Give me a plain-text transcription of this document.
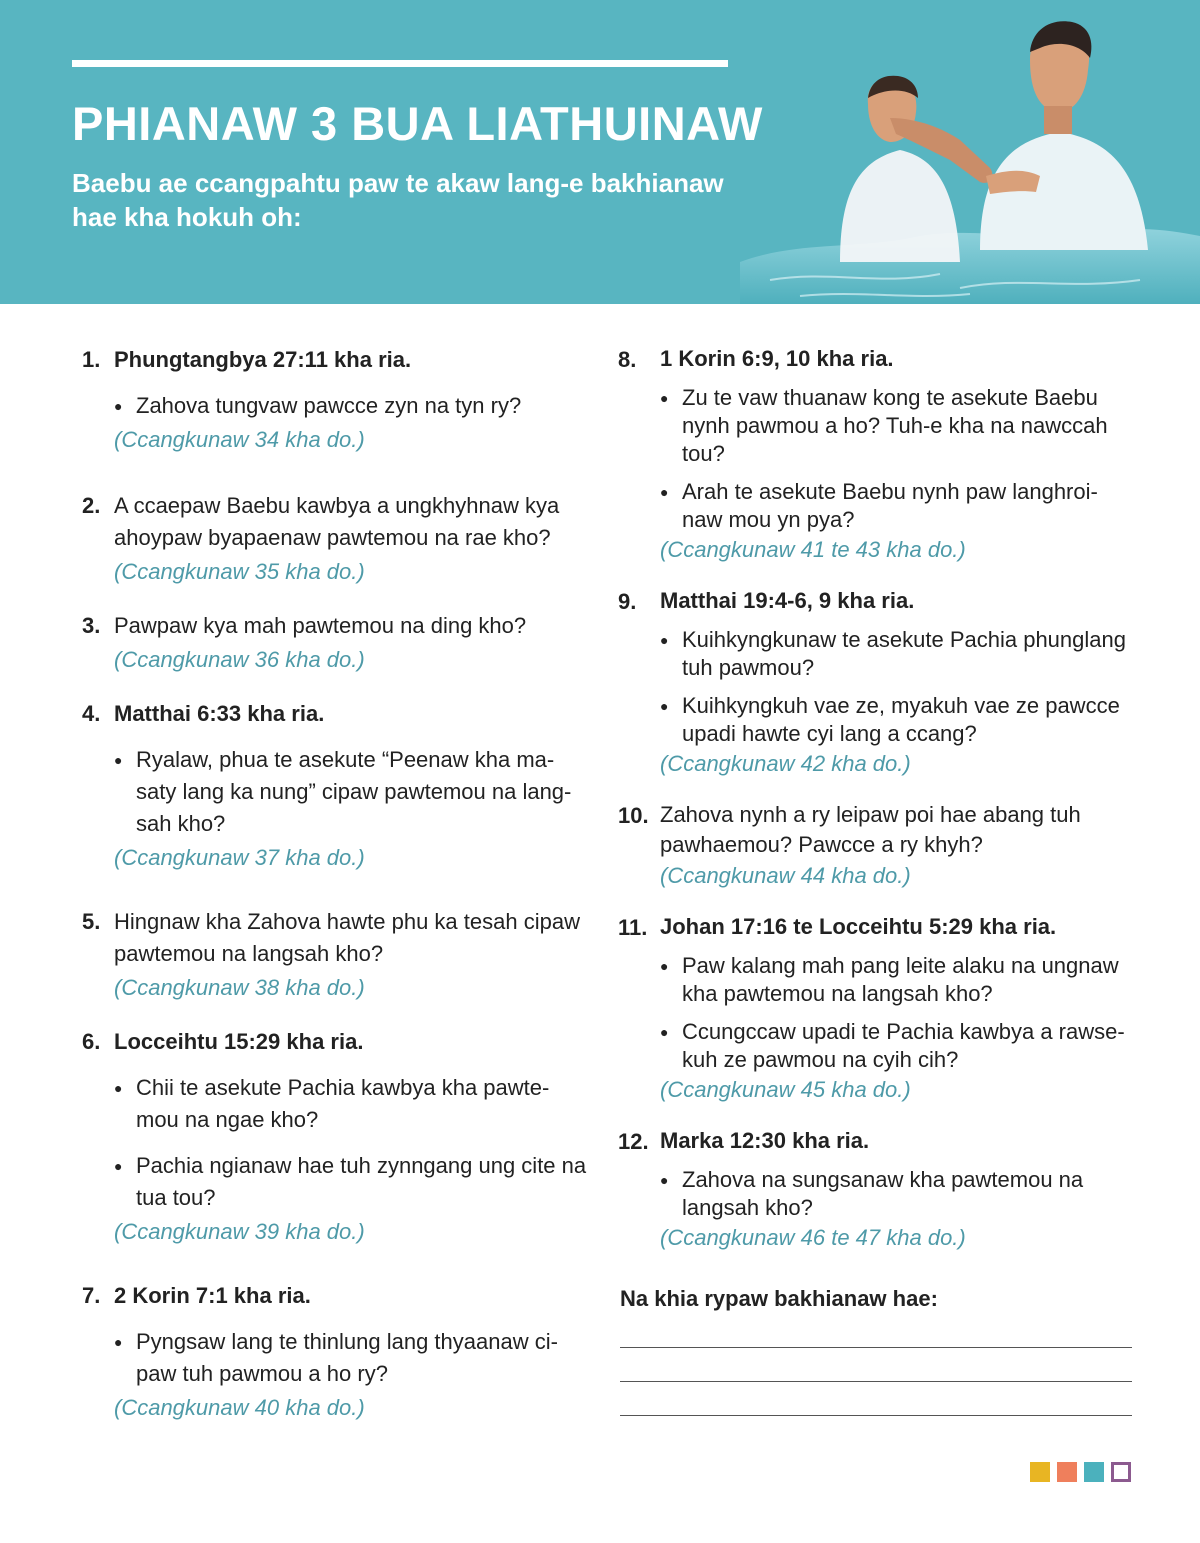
PHIANAW 3 BUA LIATHUINAW

Baebu ae ccangpahtu paw te akaw lang-e bakhianaw hae kha hokuh oh:

1. Phungtangbya 27:11 kha ria.
● Zahova tungvaw pawcce zyn na tyn ry?
(Ccangkunaw 34 kha do.)
2. A ccaepaw Baebu kawbya a ungkhyhnaw kya ahoypaw byapaenaw pawtemou na rae kho?
(Ccangkunaw 35 kha do.)
3. Pawpaw kya mah pawtemou na ding kho?
(Ccangkunaw 36 kha do.)
4. Matthai 6:33 kha ria.
● Ryalaw, phua te asekute “Peenaw kha ma-saty lang ka nung” cipaw pawtemou na lang-sah kho?
(Ccangkunaw 37 kha do.)
5. Hingnaw kha Zahova hawte phu ka tesah cipaw pawtemou na langsah kho?
(Ccangkunaw 38 kha do.)
6. Locceihtu 15:29 kha ria.
● Chii te asekute Pachia kawbya kha pawte-mou na ngae kho?
● Pachia ngianaw hae tuh zynngang ung cite na tua tou?
(Ccangkunaw 39 kha do.)
7. 2 Korin 7:1 kha ria.
● Pyngsaw lang te thinlung lang thyaanaw ci-paw tuh pawmou a ho ry?
(Ccangkunaw 40 kha do.)
8. 1 Korin 6:9, 10 kha ria.
● Zu te vaw thuanaw kong te asekute Baebu nynh pawmou a ho? Tuh-e kha na nawccah tou?
● Arah te asekute Baebu nynh paw langhroi-naw mou yn pya?
(Ccangkunaw 41 te 43 kha do.)
9. Matthai 19:4-6, 9 kha ria.
● Kuihkyngkunaw te asekute Pachia phunglang tuh pawmou?
● Kuihkyngkuh vae ze, myakuh vae ze pawcce upadi hawte cyi lang a ccang?
(Ccangkunaw 42 kha do.)
10. Zahova nynh a ry leipaw poi hae abang tuh pawhaemou? Pawcce a ry khyh?
(Ccangkunaw 44 kha do.)
11. Johan 17:16 te Locceihtu 5:29 kha ria.
● Paw kalang mah pang leite alaku na ungnaw kha pawtemou na langsah kho?
● Ccungccaw upadi te Pachia kawbya a rawse-kuh ze pawmou na cyih cih?
(Ccangkunaw 45 kha do.)
12. Marka 12:30 kha ria.
● Zahova na sungsanaw kha pawtemou na langsah kho?
(Ccangkunaw 46 te 47 kha do.)

Na khia rypaw bakhianaw hae:
